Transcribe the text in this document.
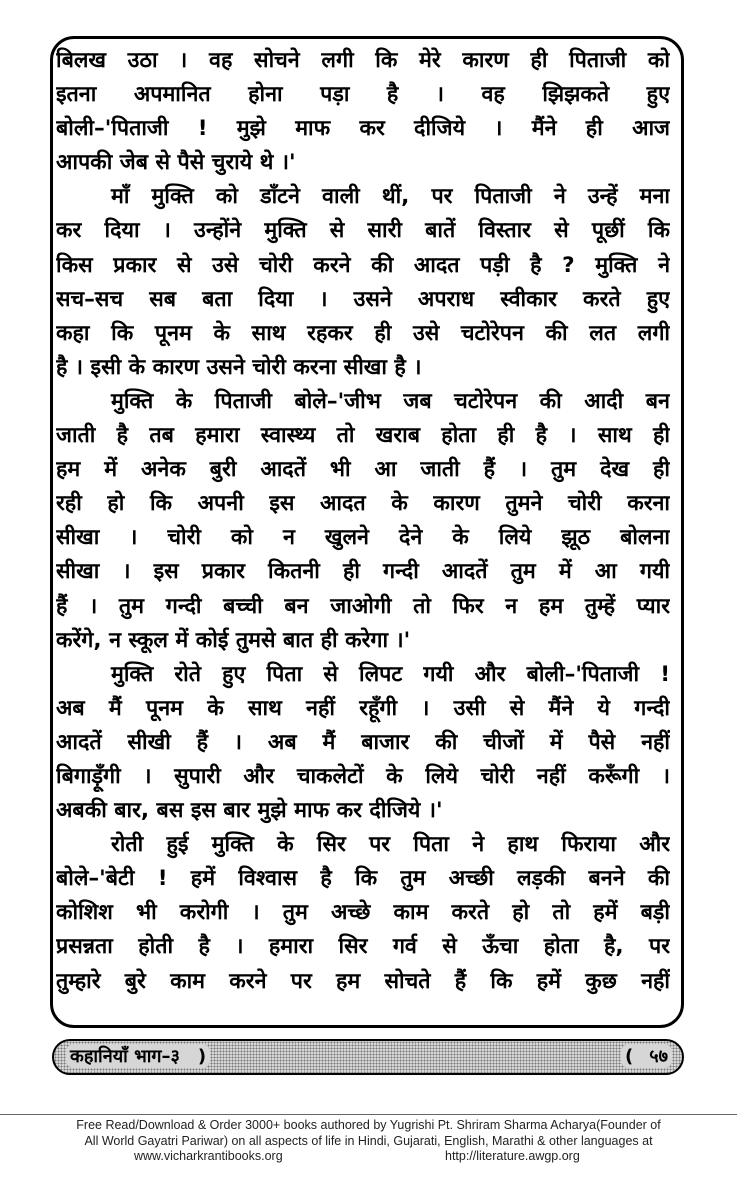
बिलख उठा । वह सोचने लगी कि मेरे कारण ही पिताजी को
इतना अपमानित होना पड़ा है । वह झिझकते हुए
बोली–'पिताजी ! मुझे माफ कर दीजिये । मैंने ही आज
आपकी जेब से पैसे चुराये थे ।'
माँ मुक्ति को डाँटने वाली थीं, पर पिताजी ने उन्हें मना
कर दिया । उन्होंने मुक्ति से सारी बातें विस्तार से पूछीं कि
किस प्रकार से उसे चोरी करने की आदत पड़ी है ? मुक्ति ने
सच–सच सब बता दिया । उसने अपराध स्वीकार करते हुए
कहा कि पूनम के साथ रहकर ही उसे चटोरेपन की लत लगी
है । इसी के कारण उसने चोरी करना सीखा है ।
मुक्ति के पिताजी बोले–'जीभ जब चटोरेपन की आदी बन
जाती है तब हमारा स्वास्थ्य तो खराब होता ही है । साथ ही
हम में अनेक बुरी आदतें भी आ जाती हैं । तुम देख ही
रही हो कि अपनी इस आदत के कारण तुमने चोरी करना
सीखा । चोरी को न खुलने देने के लिये झूठ बोलना
सीखा । इस प्रकार कितनी ही गन्दी आदतें तुम में आ गयी
हैं । तुम गन्दी बच्ची बन जाओगी तो फिर न हम तुम्हें प्यार
करेंगे, न स्कूल में कोई तुमसे बात ही करेगा ।'
मुक्ति रोते हुए पिता से लिपट गयी और बोली–'पिताजी !
अब मैं पूनम के साथ नहीं रहूँगी । उसी से मैंने ये गन्दी
आदतें सीखी हैं । अब मैं बाजार की चीजों में पैसे नहीं
बिगाड़ूँगी । सुपारी और चाकलेटों के लिये चोरी नहीं करूँगी ।
अबकी बार, बस इस बार मुझे माफ कर दीजिये ।'
रोती हुई मुक्ति के सिर पर पिता ने हाथ फिराया और
बोले–'बेटी ! हमें विश्वास है कि तुम अच्छी लड़की बनने की
कोशिश भी करोगी । तुम अच्छे काम करते हो तो हमें बड़ी
प्रसन्नता होती है । हमारा सिर गर्व से ऊँचा होता है, पर
तुम्हारे बुरे काम करने पर हम सोचते हैं कि हमें कुछ नहीं
कहानियाँ भाग–३ )	( ५७
Free Read/Download & Order 3000+ books authored by Yugrishi Pt. Shriram Sharma Acharya(Founder of
All World Gayatri Pariwar) on all aspects of life in Hindi, Gujarati, English, Marathi & other languages at
www.vicharkrantibooks.org	http://literature.awgp.org
